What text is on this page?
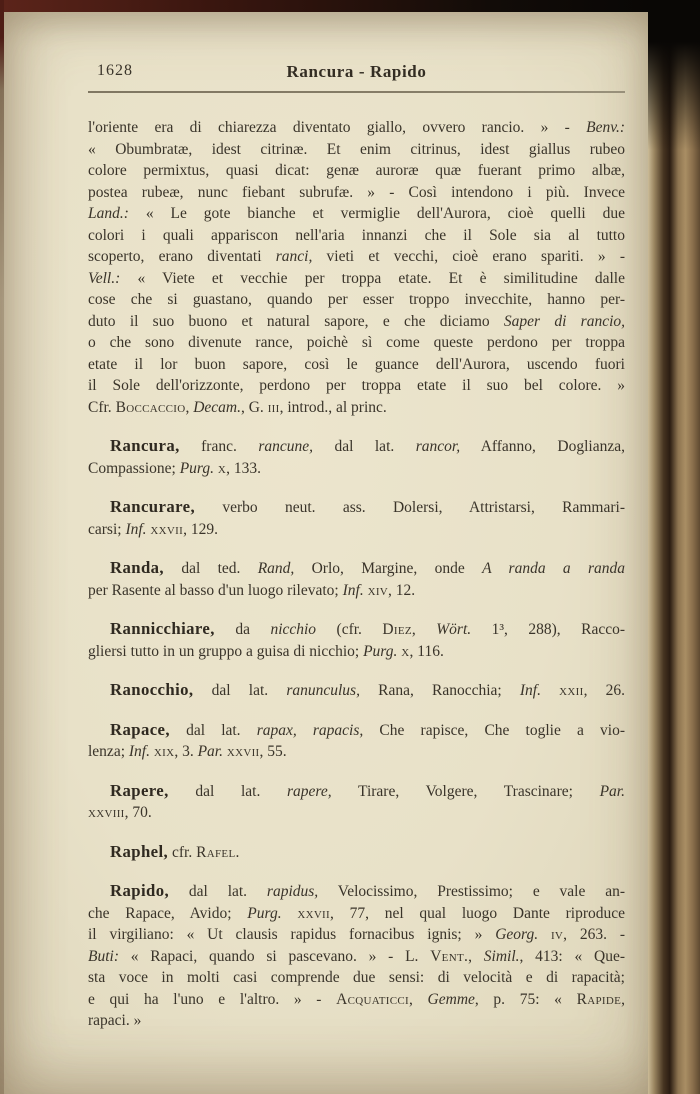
1628	Rancura - Rapido
l'oriente era di chiarezza diventato giallo, ovvero rancio. » - Benv.:
« Obumbratæ, idest citrinæ. Et enim citrinus, idest giallus rubeo
colore permixtus, quasi dicat: genæ auroræ quæ fuerant primo albæ,
postea rubeæ, nunc fiebant subrufæ. » - Così intendono i più. Invece
Land.: « Le gote bianche et vermiglie dell'Aurora, cioè quelli due
colori i quali appariscon nell'aria innanzi che il Sole sia al tutto
scoperto, erano diventati ranci, vieti et vecchi, cioè erano spariti. » -
Vell.: « Viete et vecchie per troppa etate. Et è similitudine dalle
cose che si guastano, quando per esser troppo invecchite, hanno per-
duto il suo buono et natural sapore, e che diciamo Saper di rancio,
o che sono divenute rance, poichè sì come queste perdono per troppa
etate il lor buon sapore, così le guance dell'Aurora, uscendo fuori
il Sole dell'orizzonte, perdono per troppa etate il suo bel colore. »
Cfr. Boccaccio, Decam., G. iii, introd., al princ.
Rancura, franc. rancune, dal lat. rancor, Affanno, Doglianza,
Compassione; Purg. x, 133.
Rancurare, verbo neut. ass. Dolersi, Attristarsi, Rammari-
carsi; Inf. xxvii, 129.
Randa, dal ted. Rand, Orlo, Margine, onde A randa a randa
per Rasente al basso d'un luogo rilevato; Inf. xiv, 12.
Rannicchiare, da nicchio (cfr. Diez, Wört. 1³, 288), Racco-
gliersi tutto in un gruppo a guisa di nicchio; Purg. x, 116.
Ranocchio, dal lat. ranunculus, Rana, Ranocchia; Inf. xxii, 26.
Rapace, dal lat. rapax, rapacis, Che rapisce, Che toglie a vio-
lenza; Inf. xix, 3. Par. xxvii, 55.
Rapere, dal lat. rapere, Tirare, Volgere, Trascinare; Par.
xxviii, 70.
Raphel, cfr. Rafel.
Rapido, dal lat. rapidus, Velocissimo, Prestissimo; e vale an-
che Rapace, Avido; Purg. xxvii, 77, nel qual luogo Dante riproduce
il virgiliano: « Ut clausis rapidus fornacibus ignis; » Georg. iv, 263. -
Buti: « Rapaci, quando si pascevano. » - L. Vent., Simil., 413: « Que-
sta voce in molti casi comprende due sensi: di velocità e di rapacità;
e qui ha l'uno e l'altro. » - Acquaticci, Gemme, p. 75: « Rapide,
rapaci. »
